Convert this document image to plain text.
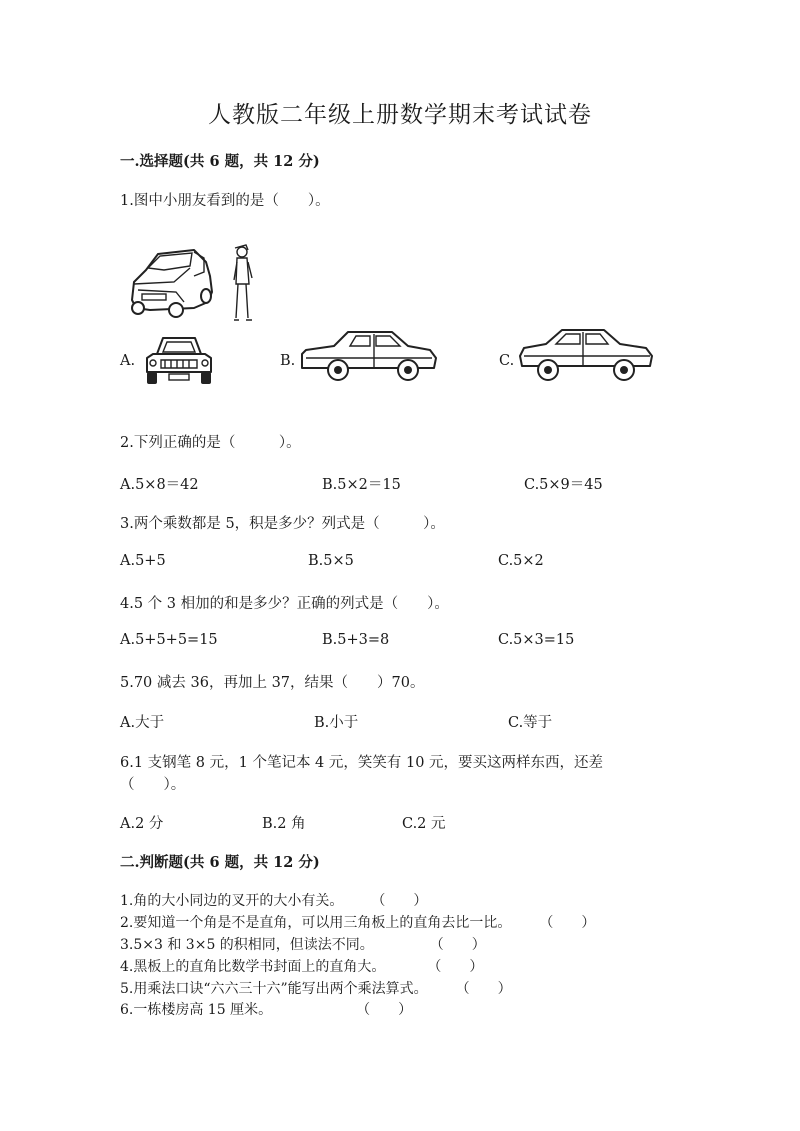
人教版二年级上册数学期末考试试卷
一.选择题(共 6 题，共 12 分)
1.图中小朋友看到的是（　　）。
A.	B.	C.
2.下列正确的是（　　　）。
A.5×8＝42	B.5×2＝15	C.5×9＝45
3.两个乘数都是 5，积是多少？列式是（　　　）。
A.5+5	B.5×5	C.5×2
4.5 个 3 相加的和是多少？正确的列式是（　　）。
A.5+5+5=15	B.5+3=8	C.5×3=15
5.70 减去 36，再加上 37，结果（　　）70。
A.大于	B.小于	C.等于
6.1 支钢笔 8 元，1 个笔记本 4 元，笑笑有 10 元，要买这两样东西，还差
（　　）。
A.2 分	B.2 角	C.2 元
二.判断题(共 6 题，共 12 分)
1.角的大小同边的叉开的大小有关。　　　（　　）
2.要知道一个角是不是直角，可以用三角板上的直角去比一比。　　　（　　）
3.5×3 和 3×5 的积相同，但读法不同。　　　　　（　　）
4.黑板上的直角比数学书封面上的直角大。　　　　（　　）
5.用乘法口诀“六六三十六”能写出两个乘法算式。　　　（　　）
6.一栋楼房高 15 厘米。　　　　　　　（　　）
